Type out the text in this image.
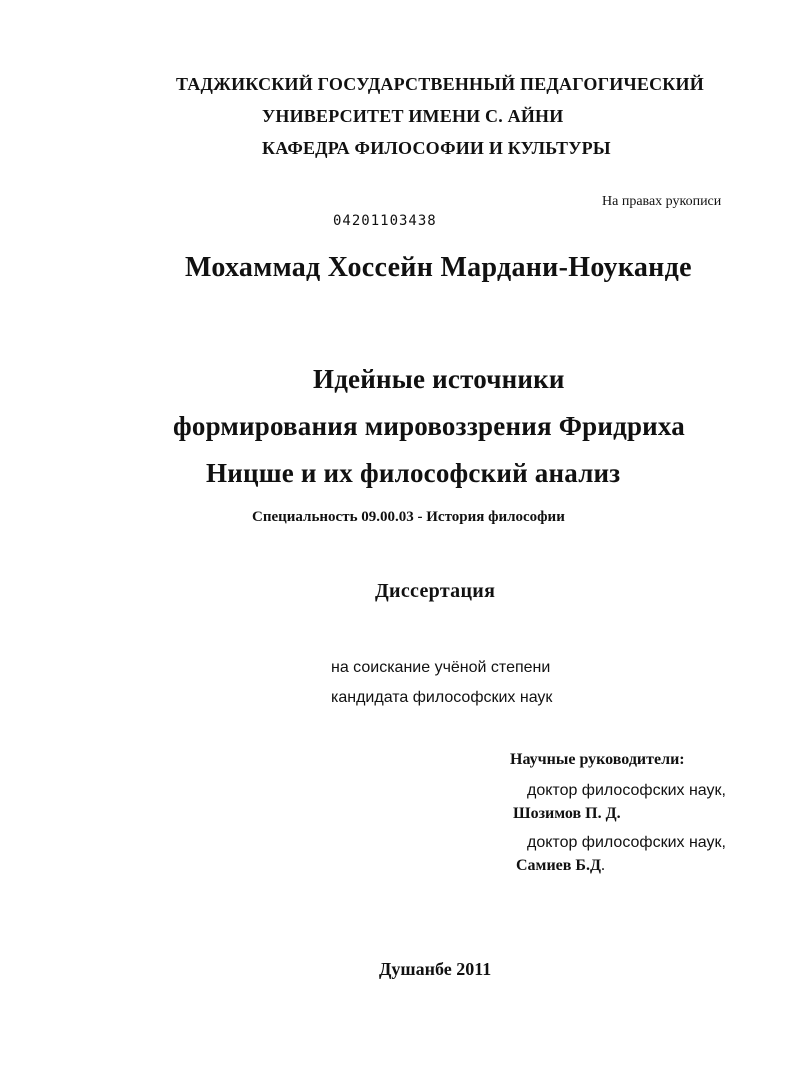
ТАДЖИКСКИЙ ГОСУДАРСТВЕННЫЙ ПЕДАГОГИЧЕСКИЙ
УНИВЕРСИТЕТ ИМЕНИ С. АЙНИ
КАФЕДРА ФИЛОСОФИИ И КУЛЬТУРЫ
На правах рукописи
04201103438
Мохаммад Хоссейн Мардани-Ноуканде
Идейные источники
формирования мировоззрения Фридриха
Ницше и их философский анализ
Специальность 09.00.03 - История философии
Диссертация
на соискание учёной степени
кандидата философских наук
Научные руководители:
доктор философских наук,
Шозимов П. Д.
доктор философских наук,
Самиев Б.Д.
Душанбе 2011
